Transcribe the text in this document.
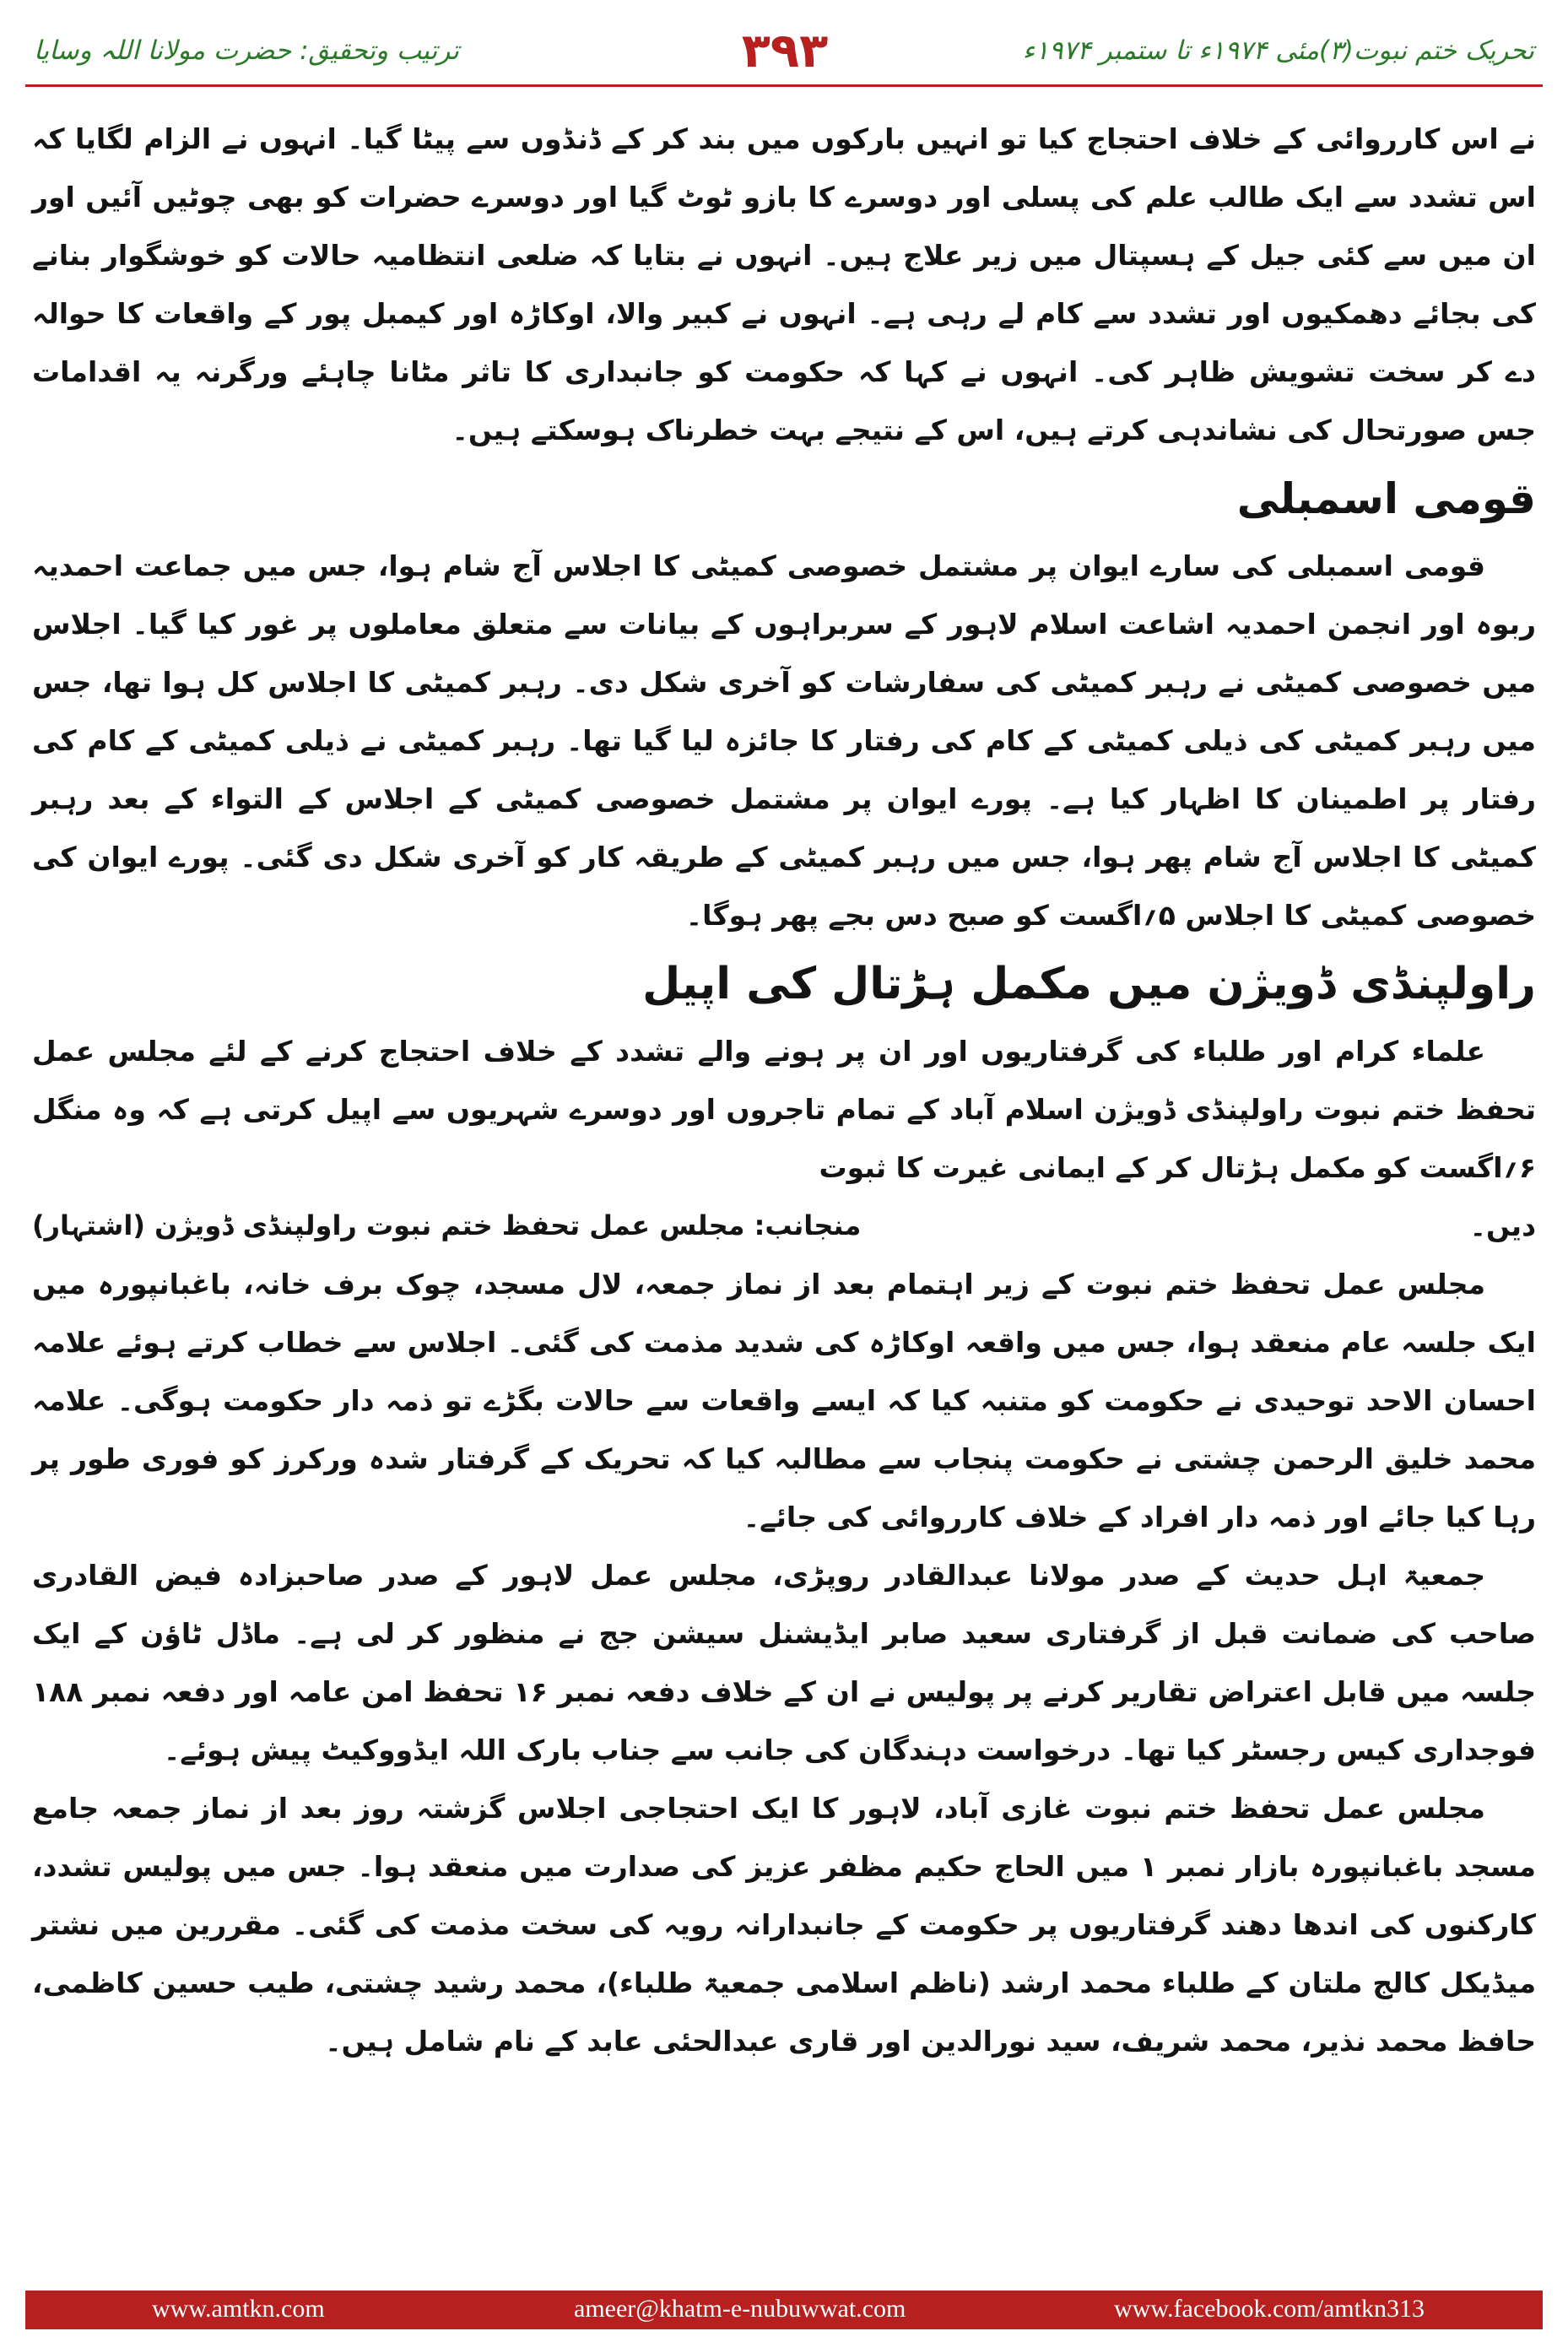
تحریک ختم نبوت(۳)مئی ۱۹۷۴ء تا ستمبر ۱۹۷۴ء
۳۹۳
ترتیب وتحقیق: حضرت مولانا اللہ وسایا

نے اس کارروائی کے خلاف احتجاج کیا تو انہیں بارکوں میں بند کر کے ڈنڈوں سے پیٹا گیا۔ انہوں نے الزام لگایا کہ اس تشدد سے ایک طالب علم کی پسلی اور دوسرے کا بازو ٹوٹ گیا اور دوسرے حضرات کو بھی چوٹیں آئیں اور ان میں سے کئی جیل کے ہسپتال میں زیر علاج ہیں۔ انہوں نے بتایا کہ ضلعی انتظامیہ حالات کو خوشگوار بنانے کی بجائے دھمکیوں اور تشدد سے کام لے رہی ہے۔ انہوں نے کبیر والا، اوکاڑہ اور کیمبل پور کے واقعات کا حوالہ دے کر سخت تشویش ظاہر کی۔ انہوں نے کہا کہ حکومت کو جانبداری کا تاثر مٹانا چاہئے ورگرنہ یہ اقدامات جس صورتحال کی نشاندہی کرتے ہیں، اس کے نتیجے بہت خطرناک ہوسکتے ہیں۔

قومی اسمبلی

قومی اسمبلی کی سارے ایوان پر مشتمل خصوصی کمیٹی کا اجلاس آج شام ہوا، جس میں جماعت احمدیہ ربوہ اور انجمن احمدیہ اشاعت اسلام لاہور کے سربراہوں کے بیانات سے متعلق معاملوں پر غور کیا گیا۔ اجلاس میں خصوصی کمیٹی نے رہبر کمیٹی کی سفارشات کو آخری شکل دی۔ رہبر کمیٹی کا اجلاس کل ہوا تھا، جس میں رہبر کمیٹی کی ذیلی کمیٹی کے کام کی رفتار کا جائزہ لیا گیا تھا۔ رہبر کمیٹی نے ذیلی کمیٹی کے کام کی رفتار پر اطمینان کا اظہار کیا ہے۔ پورے ایوان پر مشتمل خصوصی کمیٹی کے اجلاس کے التواء کے بعد رہبر کمیٹی کا اجلاس آج شام پھر ہوا، جس میں رہبر کمیٹی کے طریقہ کار کو آخری شکل دی گئی۔ پورے ایوان کی خصوصی کمیٹی کا اجلاس ۵؍اگست کو صبح دس بجے پھر ہوگا۔

راولپنڈی ڈویژن میں مکمل ہڑتال کی اپیل

علماء کرام اور طلباء کی گرفتاریوں اور ان پر ہونے والے تشدد کے خلاف احتجاج کرنے کے لئے مجلس عمل تحفظ ختم نبوت راولپنڈی ڈویژن اسلام آباد کے تمام تاجروں اور دوسرے شہریوں سے اپیل کرتی ہے کہ وہ منگل ۶؍اگست کو مکمل ہڑتال کر کے ایمانی غیرت کا ثبوت

دیں۔
منجانب: مجلس عمل تحفظ ختم نبوت راولپنڈی ڈویژن (اشتہار)

مجلس عمل تحفظ ختم نبوت کے زیر اہتمام بعد از نماز جمعہ، لال مسجد، چوک برف خانہ، باغبانپورہ میں ایک جلسہ عام منعقد ہوا، جس میں واقعہ اوکاڑہ کی شدید مذمت کی گئی۔ اجلاس سے خطاب کرتے ہوئے علامہ احسان الاحد توحیدی نے حکومت کو متنبہ کیا کہ ایسے واقعات سے حالات بگڑے تو ذمہ دار حکومت ہوگی۔ علامہ محمد خلیق الرحمن چشتی نے حکومت پنجاب سے مطالبہ کیا کہ تحریک کے گرفتار شدہ ورکرز کو فوری طور پر رہا کیا جائے اور ذمہ دار افراد کے خلاف کارروائی کی جائے۔

جمعیۃ اہل حدیث کے صدر مولانا عبدالقادر روپڑی، مجلس عمل لاہور کے صدر صاحبزادہ فیض القادری صاحب کی ضمانت قبل از گرفتاری سعید صابر ایڈیشنل سیشن جج نے منظور کر لی ہے۔ ماڈل ٹاؤن کے ایک جلسہ میں قابل اعتراض تقاریر کرنے پر پولیس نے ان کے خلاف دفعہ نمبر ۱۶ تحفظ امن عامہ اور دفعہ نمبر ۱۸۸ فوجداری کیس رجسٹر کیا تھا۔ درخواست دہندگان کی جانب سے جناب بارک اللہ ایڈووکیٹ پیش ہوئے۔

مجلس عمل تحفظ ختم نبوت غازی آباد، لاہور کا ایک احتجاجی اجلاس گزشتہ روز بعد از نماز جمعہ جامع مسجد باغبانپورہ بازار نمبر ۱ میں الحاج حکیم مظفر عزیز کی صدارت میں منعقد ہوا۔ جس میں پولیس تشدد، کارکنوں کی اندھا دھند گرفتاریوں پر حکومت کے جانبدارانہ رویہ کی سخت مذمت کی گئی۔ مقررین میں نشتر میڈیکل کالج ملتان کے طلباء محمد ارشد (ناظم اسلامی جمعیۃ طلباء)، محمد رشید چشتی، طیب حسین کاظمی، حافظ محمد نذیر، محمد شریف، سید نورالدین اور قاری عبدالحئی عابد کے نام شامل ہیں۔

www.amtkn.com	ameer@khatm-e-nubuwwat.com	www.facebook.com/amtkn313
